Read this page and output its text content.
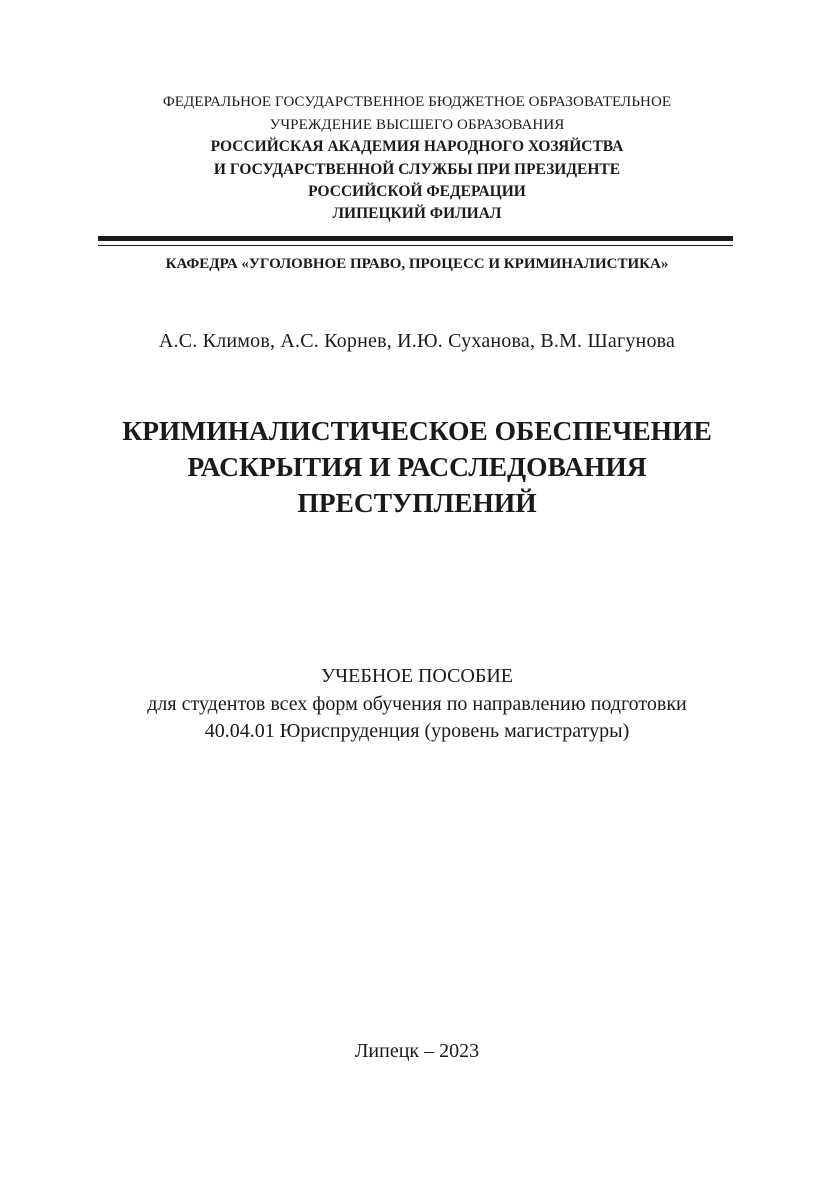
ФЕДЕРАЛЬНОЕ ГОСУДАРСТВЕННОЕ БЮДЖЕТНОЕ ОБРАЗОВАТЕЛЬНОЕ
УЧРЕЖДЕНИЕ ВЫСШЕГО ОБРАЗОВАНИЯ
РОССИЙСКАЯ АКАДЕМИЯ НАРОДНОГО ХОЗЯЙСТВА
И ГОСУДАРСТВЕННОЙ СЛУЖБЫ ПРИ ПРЕЗИДЕНТЕ
РОССИЙСКОЙ ФЕДЕРАЦИИ
ЛИПЕЦКИЙ ФИЛИАЛ
КАФЕДРА «УГОЛОВНОЕ ПРАВО, ПРОЦЕСС И КРИМИНАЛИСТИКА»
А.С. Климов, А.С. Корнев, И.Ю. Суханова, В.М. Шагунова
КРИМИНАЛИСТИЧЕСКОЕ ОБЕСПЕЧЕНИЕ
РАСКРЫТИЯ И РАССЛЕДОВАНИЯ
ПРЕСТУПЛЕНИЙ
УЧЕБНОЕ ПОСОБИЕ
для студентов всех форм обучения по направлению подготовки
40.04.01 Юриспруденция (уровень магистратуры)
Липецк – 2023
